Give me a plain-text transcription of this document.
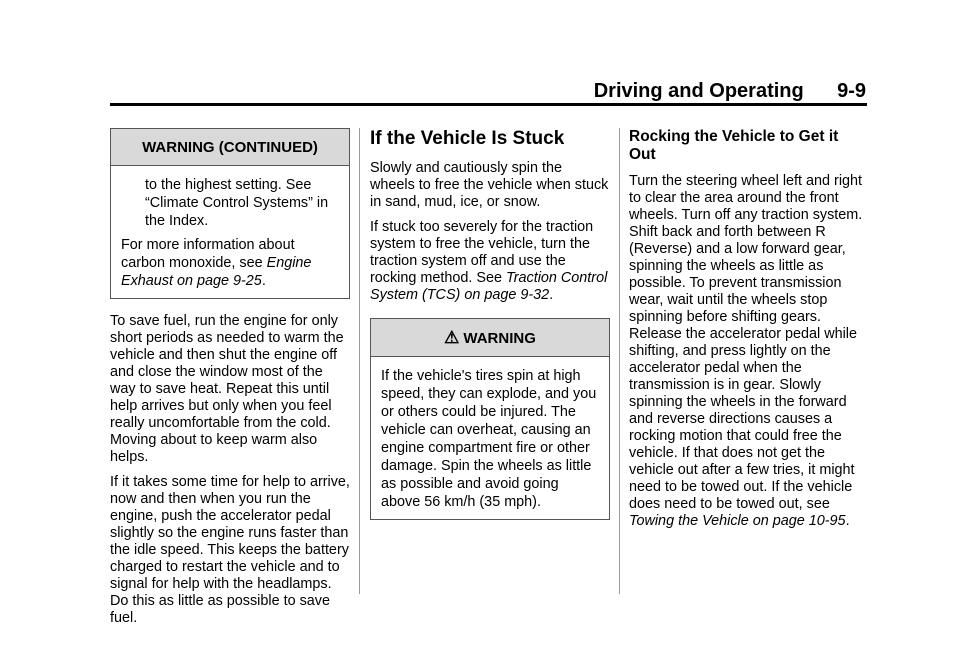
Driving and Operating 9-9
WARNING (CONTINUED)

to the highest setting. See “Climate Control Systems” in the Index.

For more information about carbon monoxide, see Engine Exhaust on page 9-25.

To save fuel, run the engine for only short periods as needed to warm the vehicle and then shut the engine off and close the window most of the way to save heat. Repeat this until help arrives but only when you feel really uncomfortable from the cold. Moving about to keep warm also helps.

If it takes some time for help to arrive, now and then when you run the engine, push the accelerator pedal slightly so the engine runs faster than the idle speed. This keeps the battery charged to restart the vehicle and to signal for help with the headlamps. Do this as little as possible to save fuel.

If the Vehicle Is Stuck

Slowly and cautiously spin the wheels to free the vehicle when stuck in sand, mud, ice, or snow.

If stuck too severely for the traction system to free the vehicle, turn the traction system off and use the rocking method. See Traction Control System (TCS) on page 9-32.

⚠ WARNING

If the vehicle's tires spin at high speed, they can explode, and you or others could be injured. The vehicle can overheat, causing an engine compartment fire or other damage. Spin the wheels as little as possible and avoid going above 56 km/h (35 mph).

Rocking the Vehicle to Get it Out

Turn the steering wheel left and right to clear the area around the front wheels. Turn off any traction system. Shift back and forth between R (Reverse) and a low forward gear, spinning the wheels as little as possible. To prevent transmission wear, wait until the wheels stop spinning before shifting gears. Release the accelerator pedal while shifting, and press lightly on the accelerator pedal when the transmission is in gear. Slowly spinning the wheels in the forward and reverse directions causes a rocking motion that could free the vehicle. If that does not get the vehicle out after a few tries, it might need to be towed out. If the vehicle does need to be towed out, see Towing the Vehicle on page 10-95.
